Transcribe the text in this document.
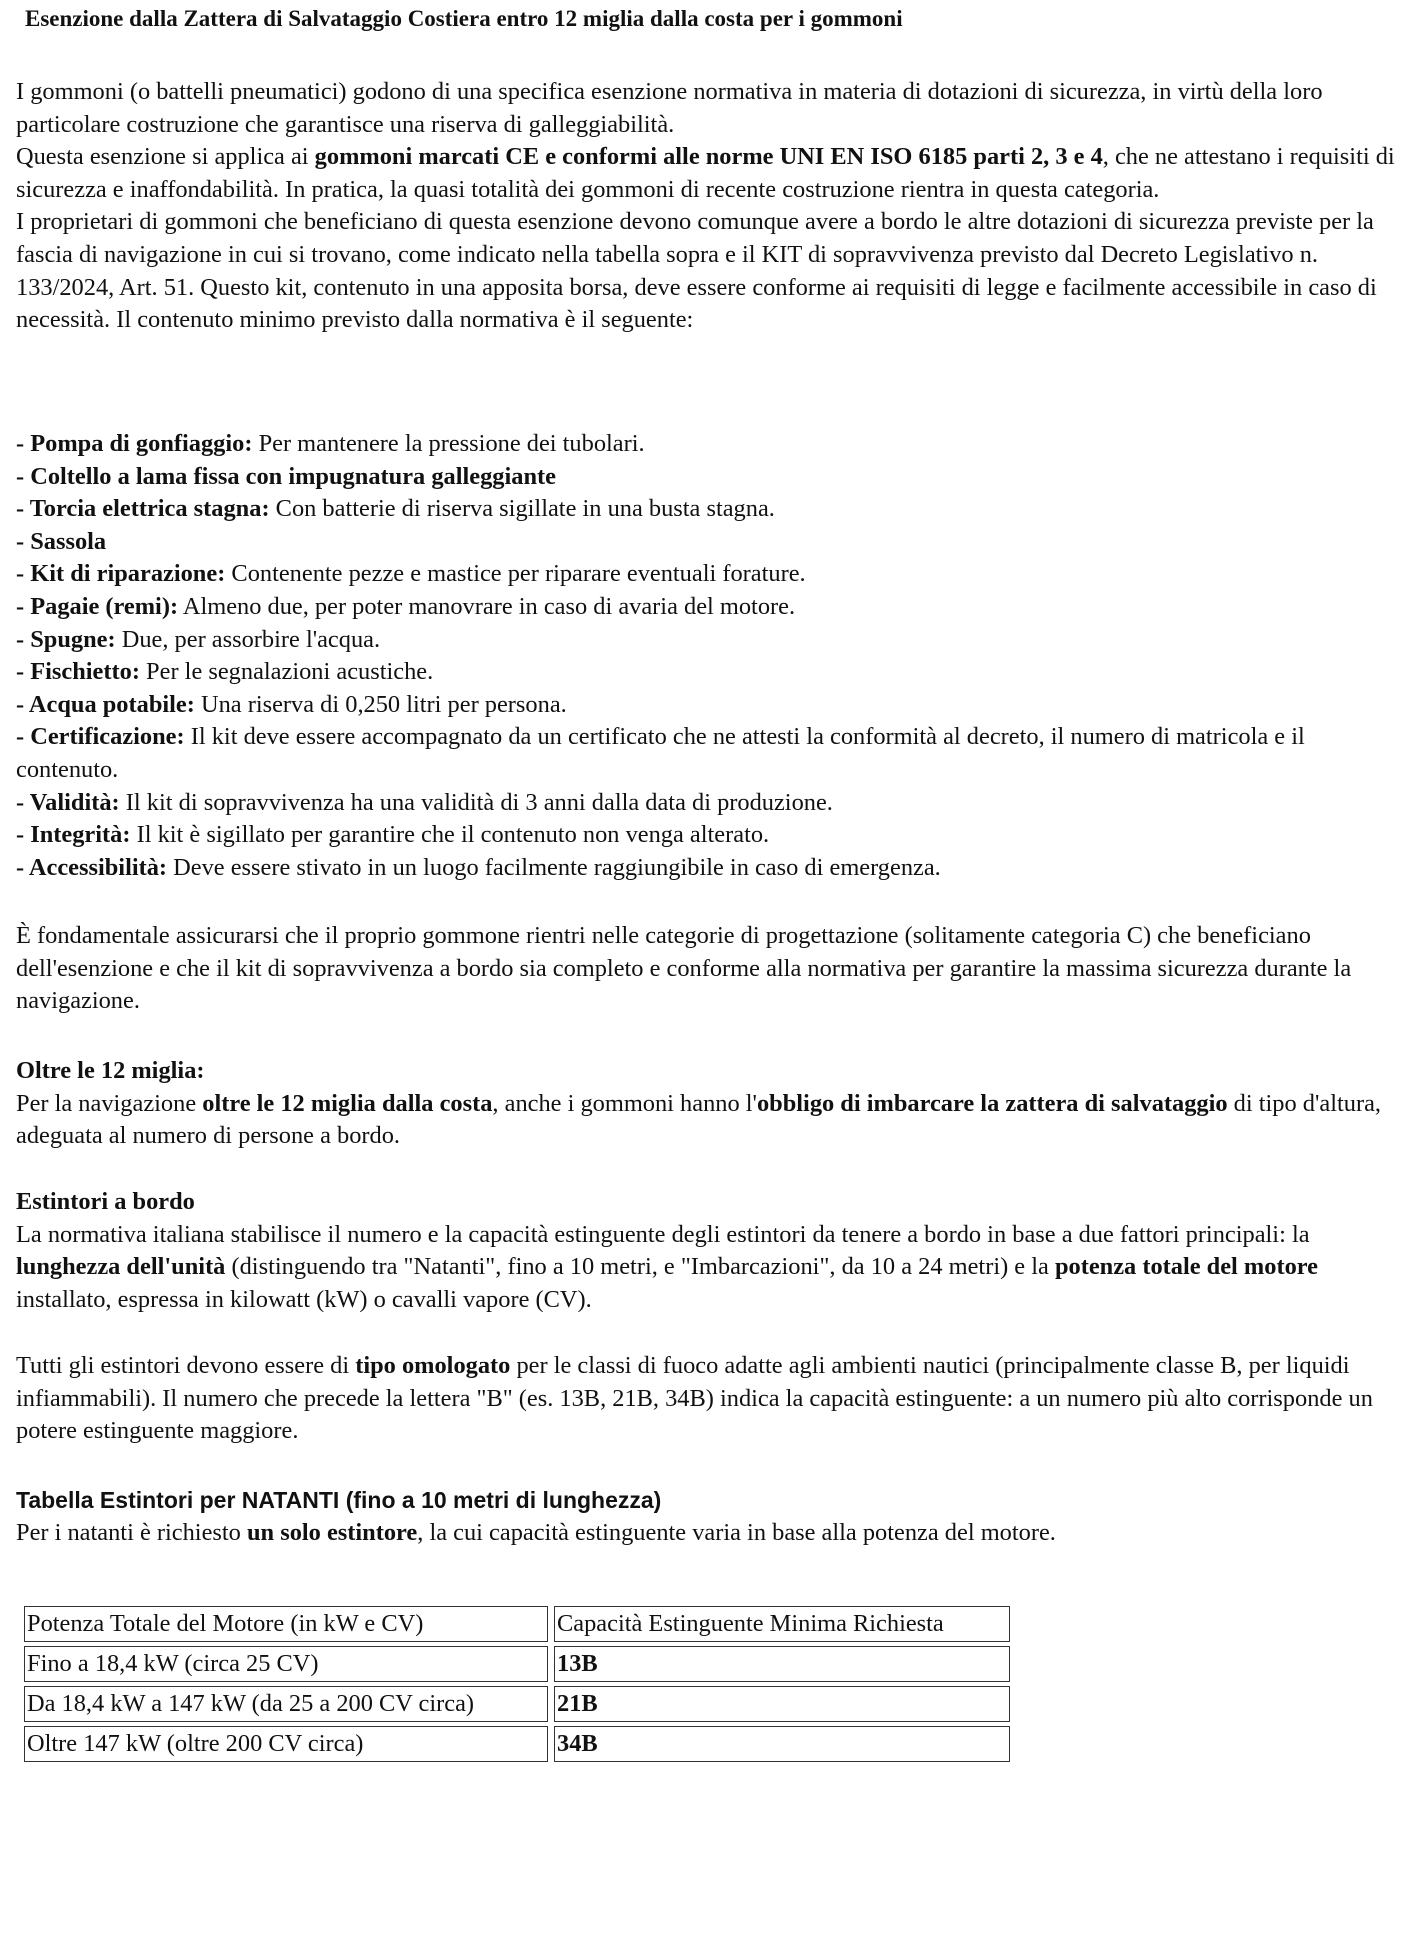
Esenzione dalla Zattera di Salvataggio Costiera entro 12 miglia dalla costa per i gommoni

I gommoni (o battelli pneumatici) godono di una specifica esenzione normativa in materia di dotazioni di sicurezza, in virtù della loro particolare costruzione che garantisce una riserva di galleggiabilità.

Questa esenzione si applica ai gommoni marcati CE e conformi alle norme UNI EN ISO 6185 parti 2, 3 e 4, che ne attestano i requisiti di sicurezza e inaffondabilità. In pratica, la quasi totalità dei gommoni di recente costruzione rientra in questa categoria.

I proprietari di gommoni che beneficiano di questa esenzione devono comunque avere a bordo le altre dotazioni di sicurezza previste per la fascia di navigazione in cui si trovano, come indicato nella tabella sopra e il KIT di sopravvivenza previsto dal Decreto Legislativo n. 133/2024, Art. 51. Questo kit, contenuto in una apposita borsa, deve essere conforme ai requisiti di legge e facilmente accessibile in caso di necessità. Il contenuto minimo previsto dalla normativa è il seguente:

- Pompa di gonfiaggio: Per mantenere la pressione dei tubolari.

- Coltello a lama fissa con impugnatura galleggiante

- Torcia elettrica stagna: Con batterie di riserva sigillate in una busta stagna.

- Sassola

- Kit di riparazione: Contenente pezze e mastice per riparare eventuali forature.

- Pagaie (remi): Almeno due, per poter manovrare in caso di avaria del motore.

- Spugne: Due, per assorbire l'acqua.

- Fischietto: Per le segnalazioni acustiche.

- Acqua potabile: Una riserva di 0,250 litri per persona.

- Certificazione: Il kit deve essere accompagnato da un certificato che ne attesti la conformità al decreto, il numero di matricola e il contenuto.

- Validità: Il kit di sopravvivenza ha una validità di 3 anni dalla data di produzione.

- Integrità: Il kit è sigillato per garantire che il contenuto non venga alterato.

- Accessibilità: Deve essere stivato in un luogo facilmente raggiungibile in caso di emergenza.

È fondamentale assicurarsi che il proprio gommone rientri nelle categorie di progettazione (solitamente categoria C) che beneficiano dell'esenzione e che il kit di sopravvivenza a bordo sia completo e conforme alla normativa per garantire la massima sicurezza durante la navigazione.

Oltre le 12 miglia:

Per la navigazione oltre le 12 miglia dalla costa, anche i gommoni hanno l'obbligo di imbarcare la zattera di salvataggio di tipo d'altura, adeguata al numero di persone a bordo.

Estintori a bordo

La normativa italiana stabilisce il numero e la capacità estinguente degli estintori da tenere a bordo in base a due fattori principali: la lunghezza dell'unità (distinguendo tra "Natanti", fino a 10 metri, e "Imbarcazioni", da 10 a 24 metri) e la potenza totale del motore installato, espressa in kilowatt (kW) o cavalli vapore (CV).

Tutti gli estintori devono essere di tipo omologato per le classi di fuoco adatte agli ambienti nautici (principalmente classe B, per liquidi infiammabili). Il numero che precede la lettera "B" (es. 13B, 21B, 34B) indica la capacità estinguente: a un numero più alto corrisponde un potere estinguente maggiore.

Tabella Estintori per NATANTI (fino a 10 metri di lunghezza)

Per i natanti è richiesto un solo estintore, la cui capacità estinguente varia in base alla potenza del motore.

Potenza Totale del Motore (in kW e CV)	Capacità Estinguente Minima Richiesta
Fino a 18,4 kW (circa 25 CV)	13B
Da 18,4 kW a 147 kW (da 25 a 200 CV circa)	21B
Oltre 147 kW (oltre 200 CV circa)	34B
